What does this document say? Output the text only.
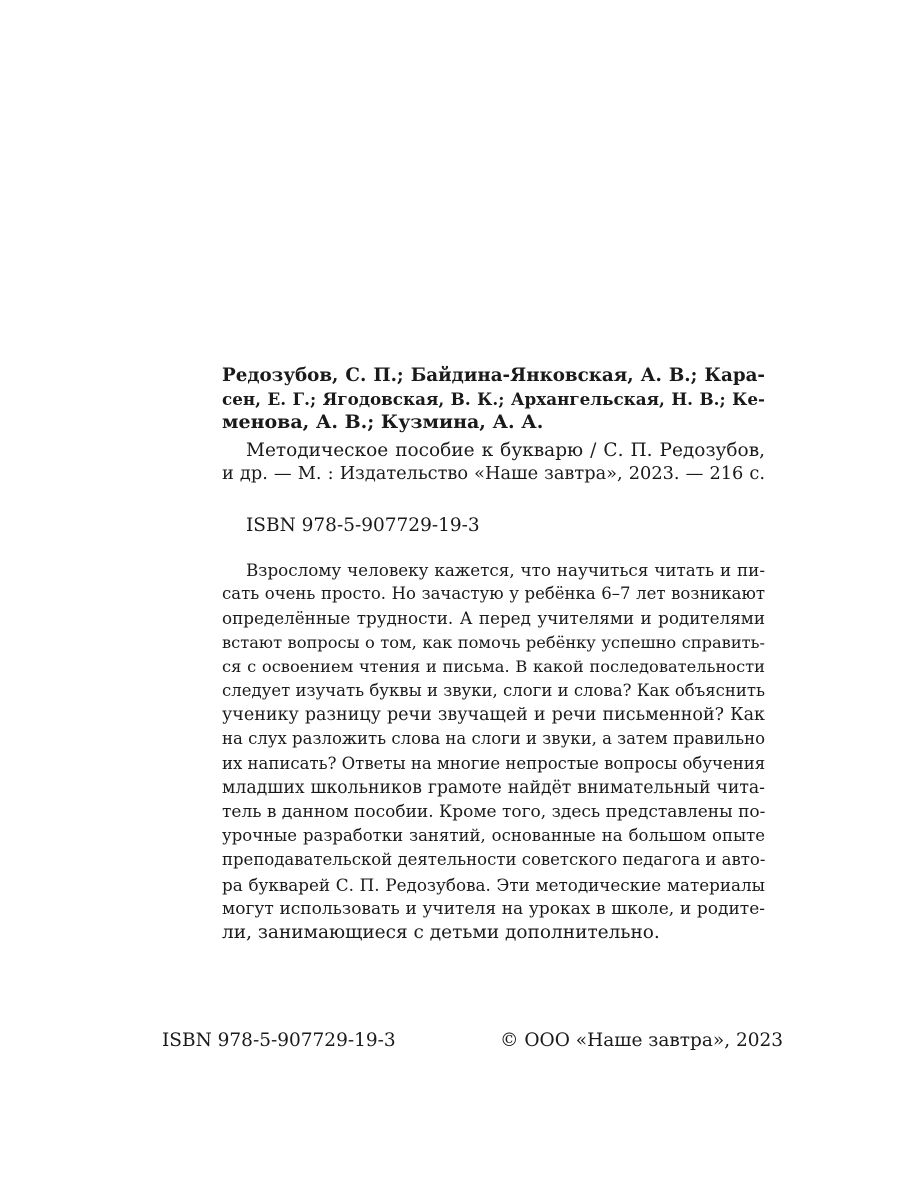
Редозубов, С. П.; Байдина-Янковская, А. В.; Кара-
сен, Е. Г.; Ягодовская, В. К.; Архангельская, Н. В.; Ке-
менова, А. В.; Кузмина, А. А.
Методическое пособие к букварю / С. П. Редозубов,
и др. — М. : Издательство «Наше завтра», 2023. — 216 с.
ISBN 978-5-907729-19-3
Взрослому человеку кажется, что научиться читать и пи-
сать очень просто. Но зачастую у ребёнка 6–7 лет возникают
определённые трудности. А перед учителями и родителями
встают вопросы о том, как помочь ребёнку успешно справить-
ся с освоением чтения и письма. В какой последовательности
следует изучать буквы и звуки, слоги и слова? Как объяснить
ученику разницу речи звучащей и речи письменной? Как
на слух разложить слова на слоги и звуки, а затем правильно
их написать? Ответы на многие непростые вопросы обучения
младших школьников грамоте найдёт внимательный чита-
тель в данном пособии. Кроме того, здесь представлены по-
урочные разработки занятий, основанные на большом опыте
преподавательской деятельности советского педагога и авто-
ра букварей С. П. Редозубова. Эти методические материалы
могут использовать и учителя на уроках в школе, и родите-
ли, занимающиеся с детьми дополнительно.
ISBN 978-5-907729-19-3	© ООО «Наше завтра», 2023
